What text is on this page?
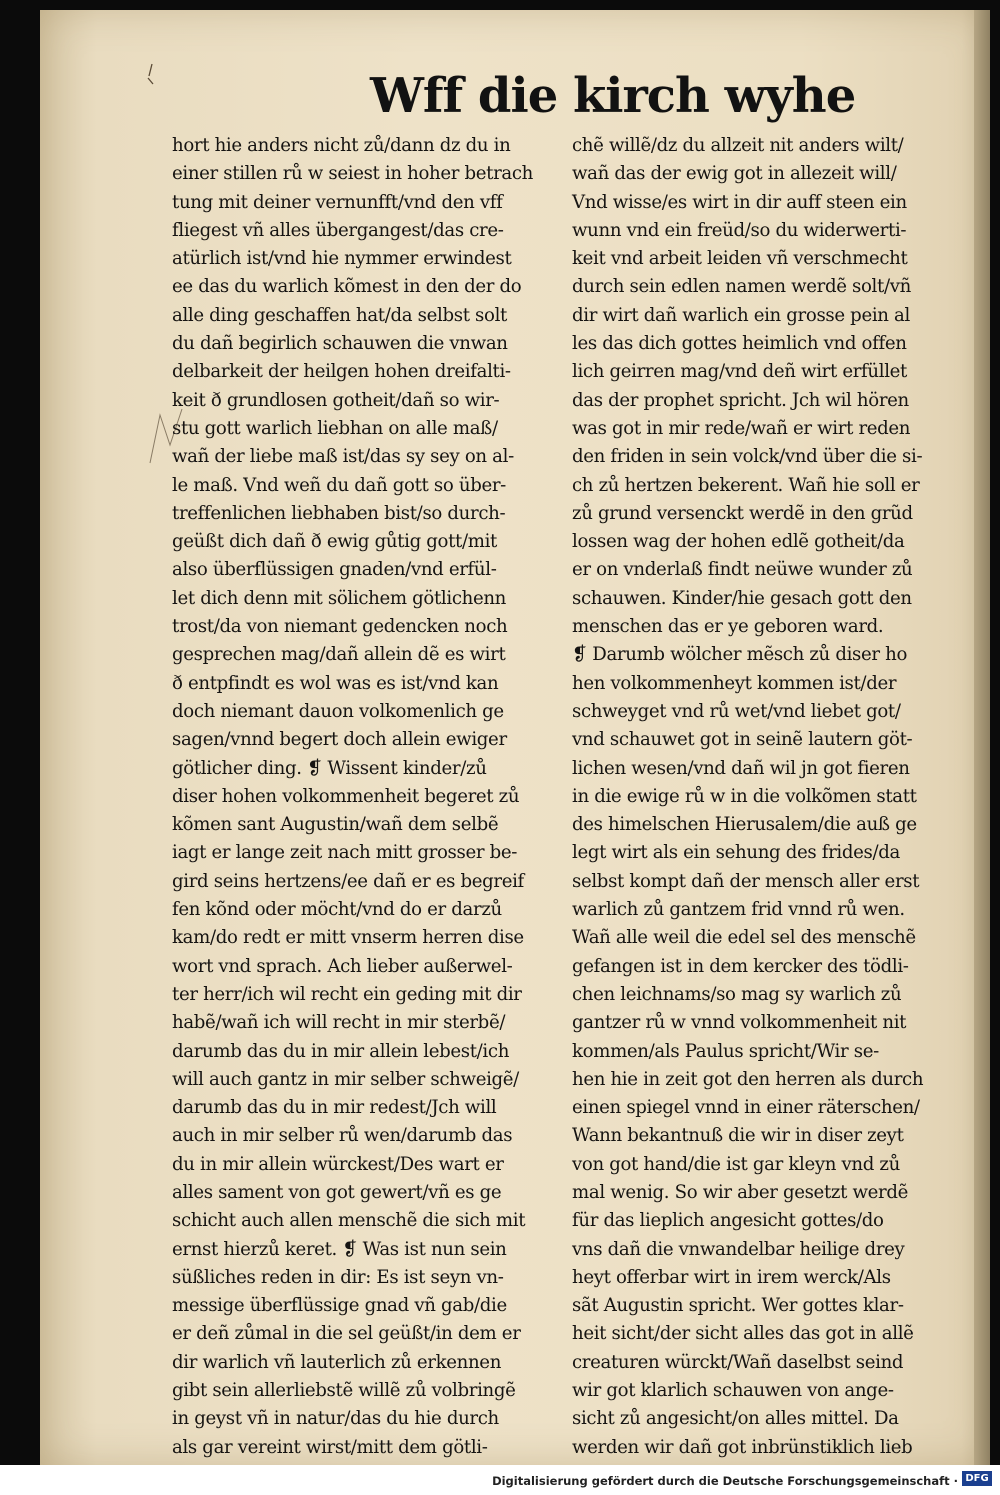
Wff die kirch wyhe
hort hie anders nicht zů/dann dz du in
einer stillen rů w seiest in hoher betrach
tung mit deiner vernunfft/vnd den vff
fliegest vñ alles übergangest/das cre-
atürlich ist/vnd hie nymmer erwindest
ee das du warlich kõmest in den der do
alle ding geschaffen hat/da selbst solt
du dañ begirlich schauwen die vnwan
delbarkeit der heilgen hohen dreifalti-
keit ð grundlosen gotheit/dañ so wir-
stu gott warlich liebhan on alle maß/
wañ der liebe maß ist/das sy sey on al-
le maß. Vnd weñ du dañ gott so über-
treffenlichen liebhaben bist/so durch-
geüßt dich dañ ð ewig gůtig gott/mit
also überflüssigen gnaden/vnd erfül-
let dich denn mit sölichem götlichenn
trost/da von niemant gedencken noch
gesprechen mag/dañ allein dẽ es wirt
ð entpfindt es wol was es ist/vnd kan
doch niemant dauon volkomenlich ge
sagen/vnnd begert doch allein ewiger
götlicher ding. ❡ Wissent kinder/zů
diser hohen volkommenheit begeret zů
kõmen sant Augustin/wañ dem selbẽ
iagt er lange zeit nach mitt grosser be-
gird seins hertzens/ee dañ er es begreif
fen kõnd oder möcht/vnd do er darzů
kam/do redt er mitt vnserm herren dise
wort vnd sprach. Ach lieber außerwel-
ter herr/ich wil recht ein geding mit dir
habẽ/wañ ich will recht in mir sterbẽ/
darumb das du in mir allein lebest/ich
will auch gantz in mir selber schweigẽ/
darumb das du in mir redest/Jch will
auch in mir selber rů wen/darumb das
du in mir allein würckest/Des wart er
alles sament von got gewert/vñ es ge
schicht auch allen menschẽ die sich mit
ernst hierzů keret. ❡ Was ist nun sein
süßliches reden in dir: Es ist seyn vn-
messige überflüssige gnad vñ gab/die
er deñ zůmal in die sel geüßt/in dem er
dir warlich vñ lauterlich zů erkennen
gibt sein allerliebstẽ willẽ zů volbringẽ
in geyst vñ in natur/das du hie durch
als gar vereint wirst/mitt dem götli-
chẽ willẽ/dz du allzeit nit anders wilt/
wañ das der ewig got in allezeit will/
Vnd wisse/es wirt in dir auff steen ein
wunn vnd ein freüd/so du widerwerti-
keit vnd arbeit leiden vñ verschmecht
durch sein edlen namen werdẽ solt/vñ
dir wirt dañ warlich ein grosse pein al
les das dich gottes heimlich vnd offen
lich geirren mag/vnd deñ wirt erfüllet
das der prophet spricht. Jch wil hören
was got in mir rede/wañ er wirt reden
den friden in sein volck/vnd über die si-
ch zů hertzen bekerent. Wañ hie soll er
zů grund versenckt werdẽ in den grũd
lossen wag der hohen edlẽ gotheit/da
er on vnderlaß findt neüwe wunder zů
schauwen. Kinder/hie gesach gott den
menschen das er ye geboren ward.
❡ Darumb wölcher mẽsch zů diser ho
hen volkommenheyt kommen ist/der
schweyget vnd rů wet/vnd liebet got/
vnd schauwet got in seinẽ lautern göt-
lichen wesen/vnd dañ wil jn got fieren
in die ewige rů w in die volkõmen statt
des himelschen Hierusalem/die auß ge
legt wirt als ein sehung des frides/da
selbst kompt dañ der mensch aller erst
warlich zů gantzem frid vnnd rů wen.
Wañ alle weil die edel sel des menschẽ
gefangen ist in dem kercker des tödli-
chen leichnams/so mag sy warlich zů
gantzer rů w vnnd volkommenheit nit
kommen/als Paulus spricht/Wir se-
hen hie in zeit got den herren als durch
einen spiegel vnnd in einer räterschen/
Wann bekantnuß die wir in diser zeyt
von got hand/die ist gar kleyn vnd zů
mal wenig. So wir aber gesetzt werdẽ
für das lieplich angesicht gottes/do
vns dañ die vnwandelbar heilige drey
heyt offerbar wirt in irem werck/Als
sãt Augustin spricht. Wer gottes klar-
heit sicht/der sicht alles das got in allẽ
creaturen würckt/Wañ daselbst seind
wir got klarlich schauwen von ange-
sicht zů angesicht/on alles mittel. Da
werden wir dañ got inbrünstiklich lieb
Digitalisierung gefördert durch die Deutsche Forschungsgemeinschaft · DFG
